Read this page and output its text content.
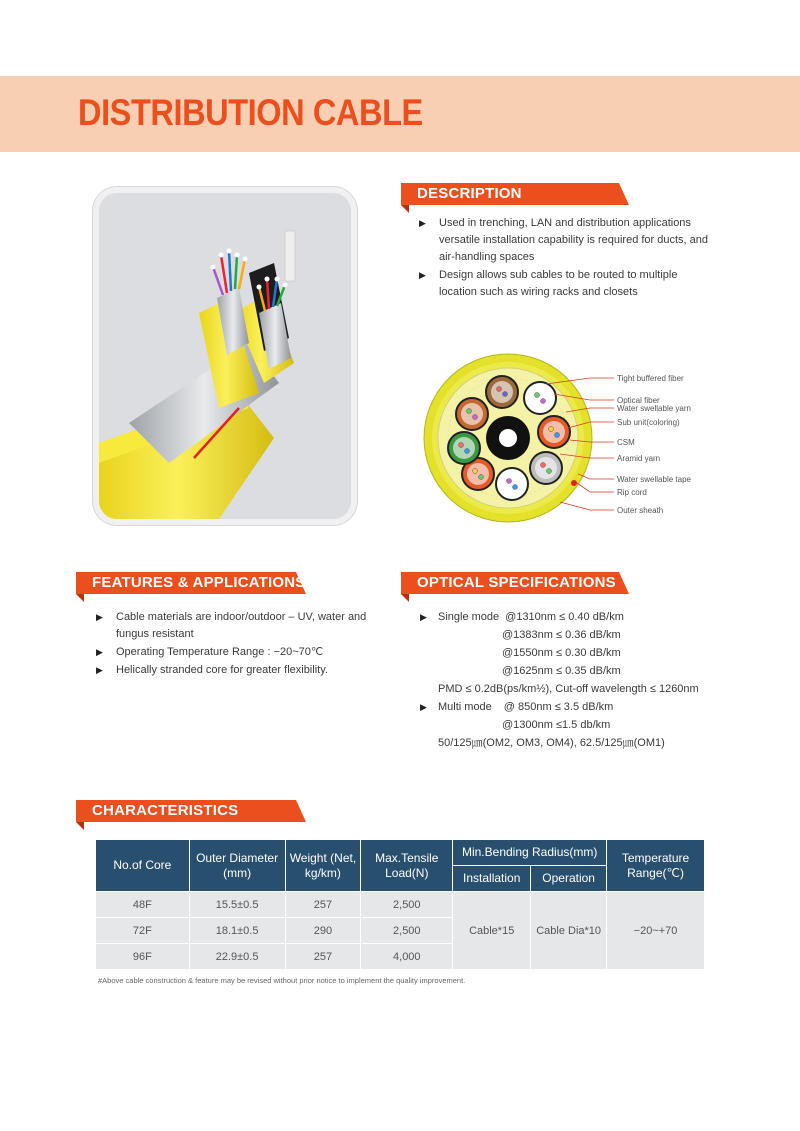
DISTRIBUTION CABLE
DESCRIPTION
▶ Used in trenching, LAN and distribution applications
versatile installation capability is required for ducts, and
air-handling spaces
▶ Design allows sub cables to be routed to multiple
location such as wiring racks and closets
Tight buffered fiber
Optical fiber
Water swellable yarn
Sub unit(coloring)
CSM
Aramid yarn
Water swellable tape
Rip cord
Outer sheath
FEATURES & APPLICATIONS	OPTICAL SPECIFICATIONS
▶ Cable materials are indoor/outdoor – UV, water and
fungus resistant
▶ Operating Temperature Range : −20~70℃
▶ Helically stranded core for greater flexibility.
▶ Single mode @1310nm ≤ 0.40 dB/km
@1383nm ≤ 0.36 dB/km
@1550nm ≤ 0.30 dB/km
@1625nm ≤ 0.35 dB/km
PMD ≤ 0.2dB(ps/km½), Cut-off wavelength ≤ 1260nm
▶ Multi mode @ 850nm ≤ 3.5 dB/km
@1300nm ≤1.5 db/km
50/125㎛(OM2, OM3, OM4), 62.5/125㎛(OM1)
CHARACTERISTICS
No.of Core	Outer Diameter (mm)	Weight (Net, kg/km)	Max.Tensile Load(N)	Min.Bending Radius(mm)		Temperature Range(℃)
				Installation	Operation	
48F	15.5±0.5	257	2,500	Cable*15	Cable Dia*10	−20~+70
72F	18.1±0.5	290	2,500			
96F	22.9±0.5	257	4,000			
#Above cable construction & feature may be revised without prior notice to implement the quality improvement.
